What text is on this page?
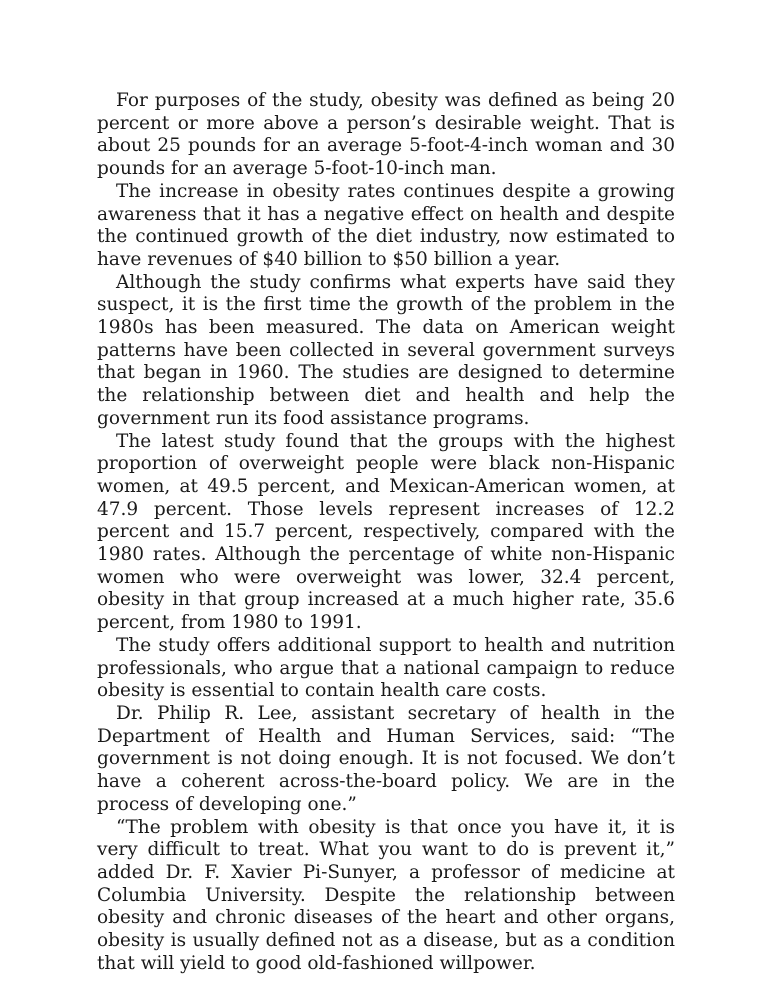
For purposes of the study, obesity was defined as being 20 percent or more above a person’s desirable weight. That is about 25 pounds for an average 5-foot-4-inch woman and 30 pounds for an average 5-foot-10-inch man.

The increase in obesity rates continues despite a growing awareness that it has a negative effect on health and despite the continued growth of the diet industry, now estimated to have revenues of $40 billion to $50 billion a year.

Although the study confirms what experts have said they suspect, it is the first time the growth of the problem in the 1980s has been measured. The data on American weight patterns have been collected in several government surveys that began in 1960. The studies are designed to determine the relationship between diet and health and help the government run its food assistance programs.

The latest study found that the groups with the highest proportion of overweight people were black non-Hispanic women, at 49.5 percent, and Mexican-American women, at 47.9 percent. Those levels represent increases of 12.2 percent and 15.7 percent, respectively, compared with the 1980 rates. Although the percentage of white non-Hispanic women who were overweight was lower, 32.4 percent, obesity in that group increased at a much higher rate, 35.6 percent, from 1980 to 1991.

The study offers additional support to health and nutrition professionals, who argue that a national campaign to reduce obesity is essential to contain health care costs.

Dr. Philip R. Lee, assistant secretary of health in the Department of Health and Human Services, said: “The government is not doing enough. It is not focused. We don’t have a coherent across-the-board policy. We are in the process of developing one.”

“The problem with obesity is that once you have it, it is very difficult to treat. What you want to do is prevent it,” added Dr. F. Xavier Pi-Sunyer, a professor of medicine at Columbia University. Despite the relationship between obesity and chronic diseases of the heart and other organs, obesity is usually defined not as a disease, but as a condition that will yield to good old-fashioned willpower.
